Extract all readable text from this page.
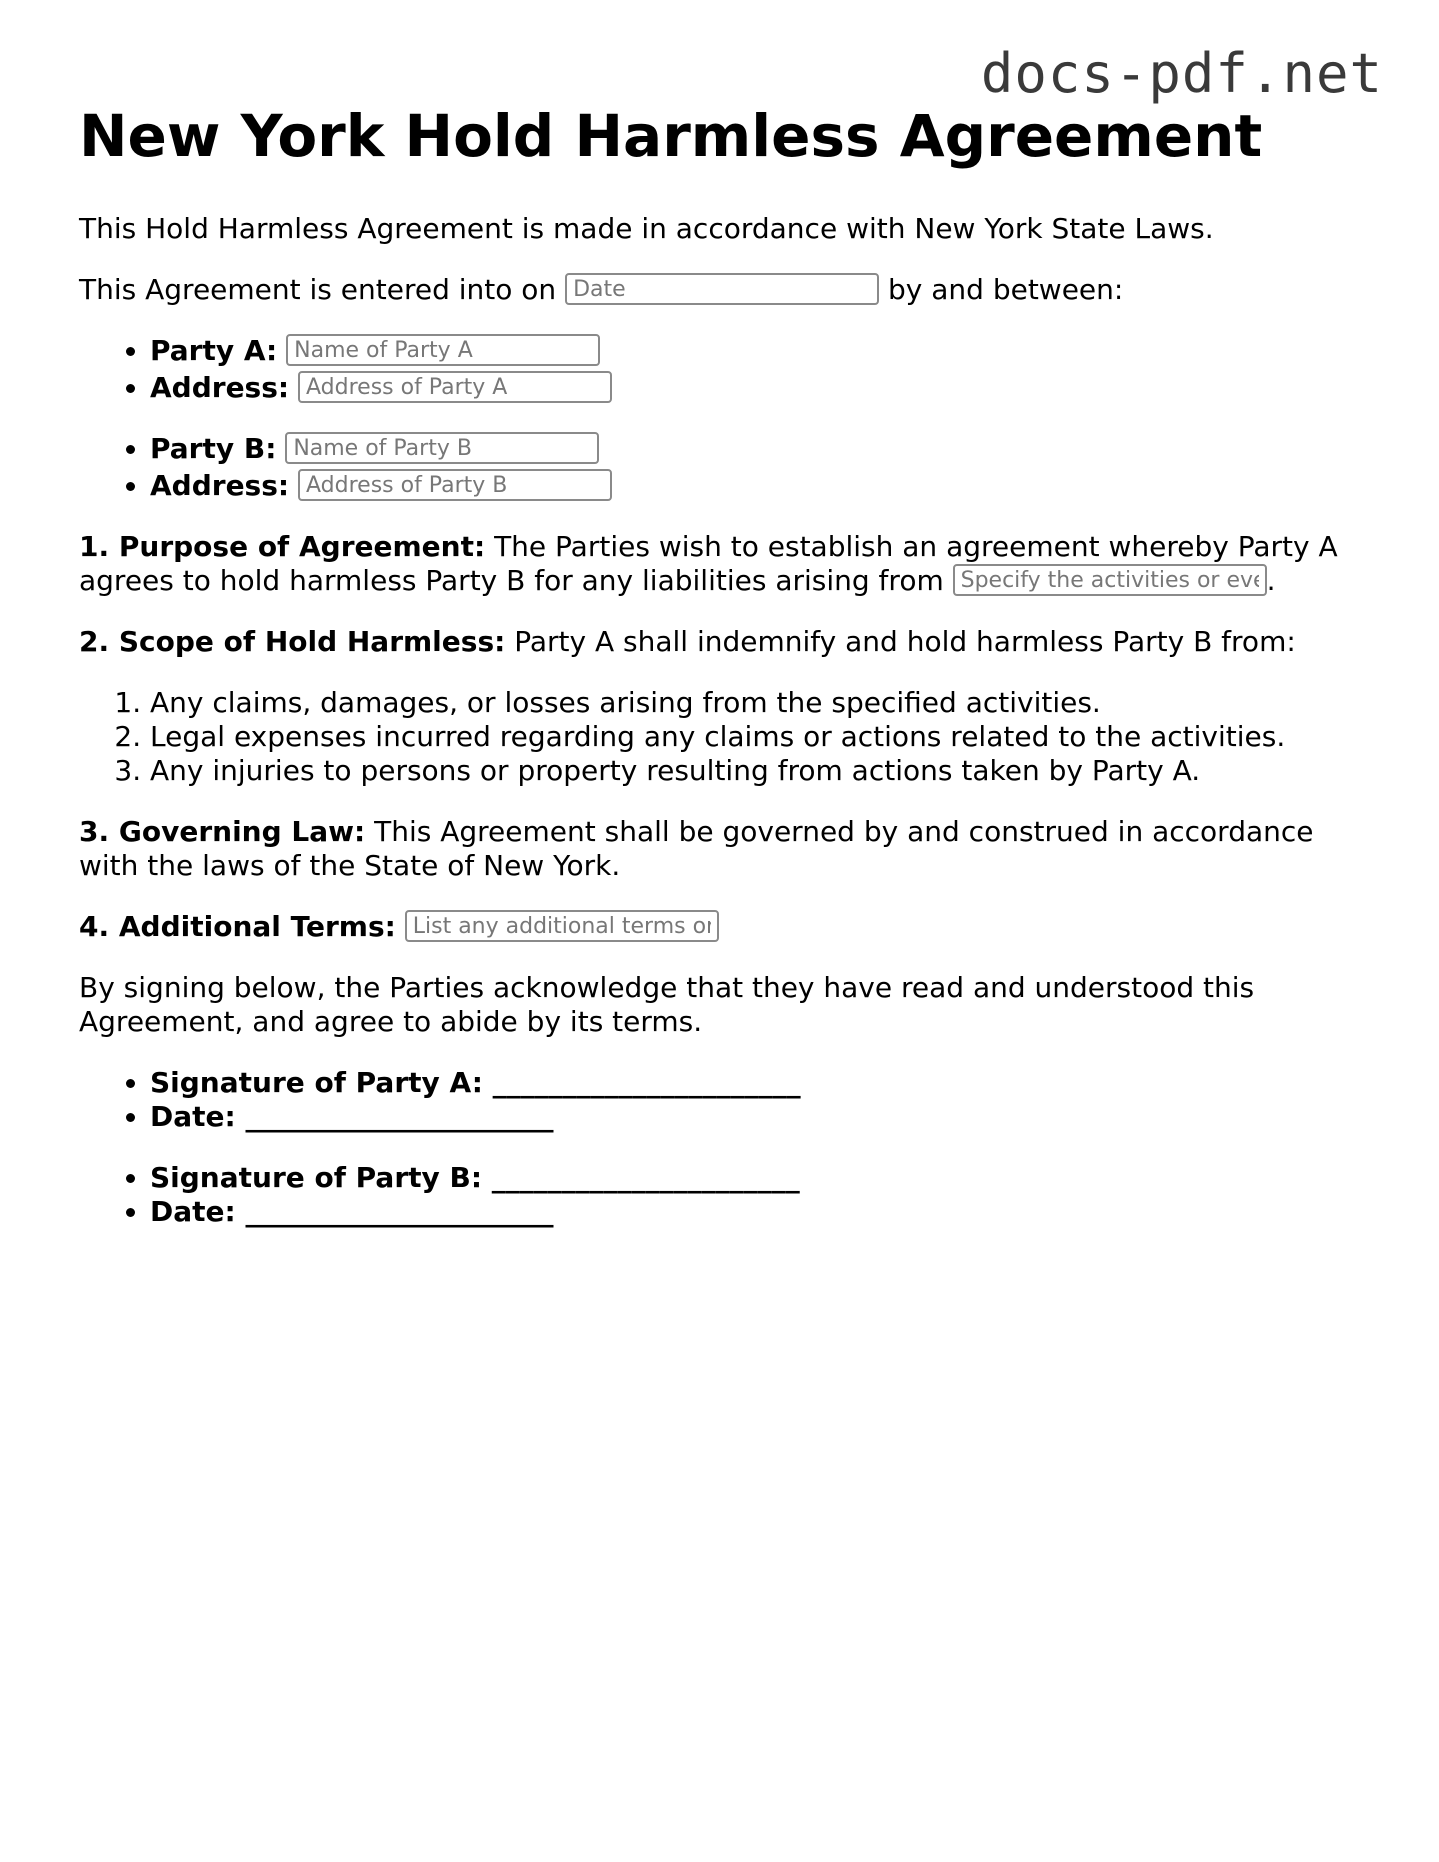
docs-pdf.net
New York Hold Harmless Agreement

This Hold Harmless Agreement is made in accordance with New York State Laws.

This Agreement is entered into on Date	by and between:

• Party A: Name of Party A
• Address: Address of Party A
• Party B: Name of Party B
• Address: Address of Party B

1. Purpose of Agreement: The Parties wish to establish an agreement whereby Party A agrees to hold harmless Party B for any liabilities arising from Specify the activities or events	.

2. Scope of Hold Harmless: Party A shall indemnify and hold harmless Party B from:

1. Any claims, damages, or losses arising from the specified activities.
2. Legal expenses incurred regarding any claims or actions related to the activities.
3. Any injuries to persons or property resulting from actions taken by Party A.

3. Governing Law: This Agreement shall be governed by and construed in accordance with the laws of the State of New York.

4. Additional Terms: List any additional terms or conditions

By signing below, the Parties acknowledge that they have read and understood this Agreement, and agree to abide by its terms.

• Signature of Party A: ______________________
• Date: ______________________
• Signature of Party B: ______________________
• Date: ______________________
